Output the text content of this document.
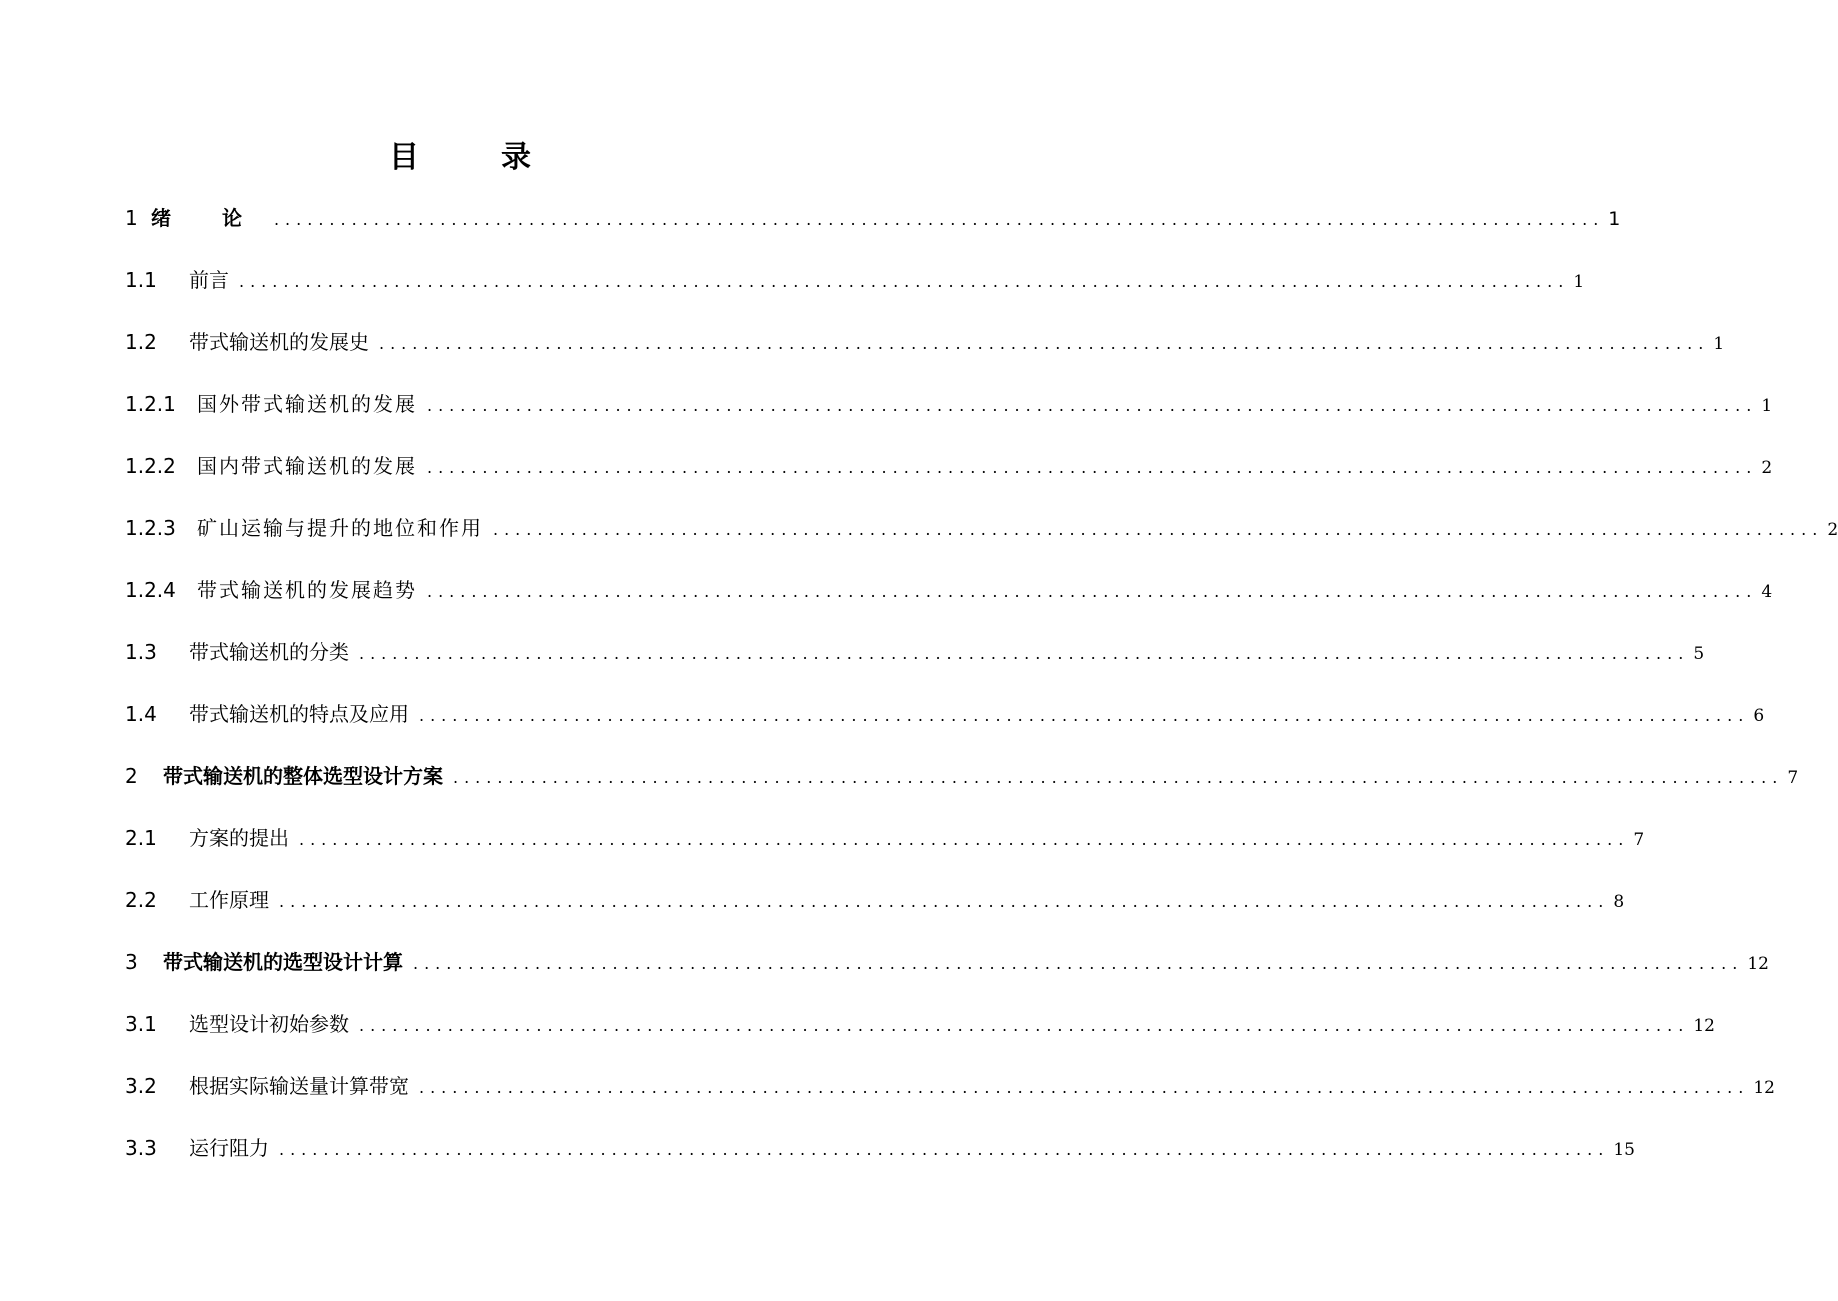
目　录
1 绪 论 ........................................................................................................................ 1
1.1	前言 ........................................................................................................................ 1
1.2	带式输送机的发展史 ........................................................................................................................ 1
1.2.1	国外带式输送机的发展 ........................................................................................................................ 1
1.2.2	国内带式输送机的发展 ........................................................................................................................ 2
1.2.3	矿山运输与提升的地位和作用 ........................................................................................................................ 2
1.2.4	带式输送机的发展趋势 ........................................................................................................................ 4
1.3	带式输送机的分类 ........................................................................................................................ 5
1.4	带式输送机的特点及应用 ........................................................................................................................ 6
2	带式输送机的整体选型设计方案 ........................................................................................................................ 7
2.1	方案的提出 ........................................................................................................................ 7
2.2	工作原理 ........................................................................................................................ 8
3	带式输送机的选型设计计算 ........................................................................................................................ 12
3.1	选型设计初始参数 ........................................................................................................................ 12
3.2	根据实际输送量计算带宽 ........................................................................................................................ 12
3.3	运行阻力 ........................................................................................................................ 15
